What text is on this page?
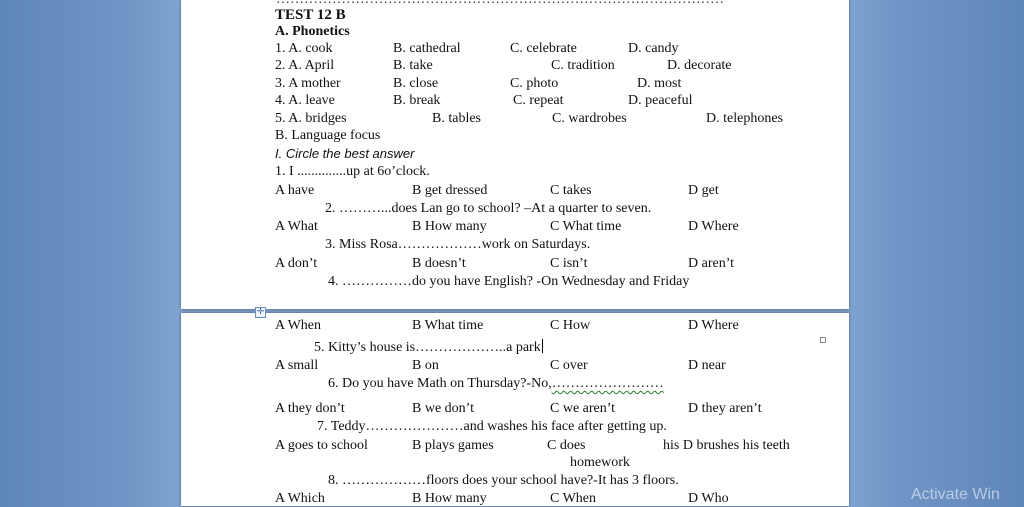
TEST 12 B
A. Phonetics
1. A. cook	B. cathedral	C. celebrate	D. candy
2. A. April	B. take	C. tradition	D. decorate
3. A mother	B. close	C. photo	D. most
4. A. leave	B. break	C. repeat	D. peaceful
5. A. bridges	B. tables	C. wardrobes	D. telephones
B. Language focus
I. Circle the best answer
1. I ..............up at 6o’clock.
A have	B get dressed	C takes	D get
2. ………...does Lan go to school? –At a quarter to seven.
A What	B How many	C What time	D Where
3. Miss Rosa………………work on Saturdays.
A don’t	B doesn’t	C isn’t	D aren’t
4. ……………do you have English? -On Wednesday and Friday
✛
A When	B What time	C How	D Where
5. Kitty’s house is………………..a park
A small	B on	C over	D near
6. Do you have Math on Thursday?-No,……………………
A they don’t	B we don’t	C we aren’t	D they aren’t
7. Teddy…………………and washes his face after getting up.
A goes to school	B plays games	C does	his D brushes his teeth
homework
8. ………………floors does your school have?-It has 3 floors.
A Which	B How many	C When	D Who	Activate Win
